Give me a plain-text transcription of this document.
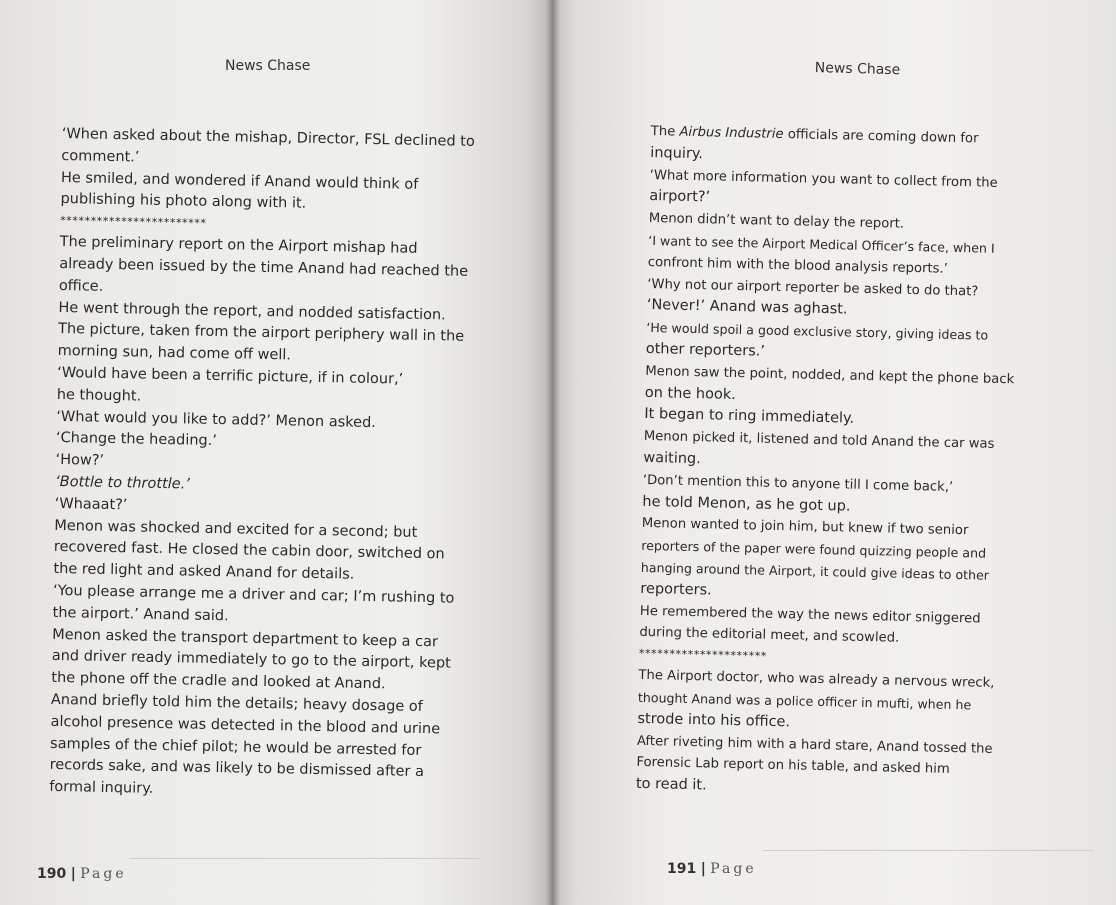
News Chase
‘When asked about the mishap, Director, FSL declined to
comment.’
He smiled, and wondered if Anand would think of
publishing his photo along with it.
************************
The preliminary report on the Airport mishap had
already been issued by the time Anand had reached the
office.
He went through the report, and nodded satisfaction.
The picture, taken from the airport periphery wall in the
morning sun, had come off well.
‘Would have been a terrific picture, if in colour,’
he thought.
‘What would you like to add?’ Menon asked.
‘Change the heading.’
‘How?’
‘Bottle to throttle.’
‘Whaaat?’
Menon was shocked and excited for a second; but
recovered fast. He closed the cabin door, switched on
the red light and asked Anand for details.
‘You please arrange me a driver and car; I’m rushing to
the airport.’ Anand said.
Menon asked the transport department to keep a car
and driver ready immediately to go to the airport, kept
the phone off the cradle and looked at Anand.
Anand briefly told him the details; heavy dosage of
alcohol presence was detected in the blood and urine
samples of the chief pilot; he would be arrested for
records sake, and was likely to be dismissed after a
formal inquiry.
190 | Page
News Chase
The Airbus Industrie officials are coming down for
inquiry.
‘What more information you want to collect from the
airport?’
Menon didn’t want to delay the report.
‘I want to see the Airport Medical Officer’s face, when I
confront him with the blood analysis reports.’
‘Why not our airport reporter be asked to do that?
‘Never!’ Anand was aghast.
‘He would spoil a good exclusive story, giving ideas to
other reporters.’
Menon saw the point, nodded, and kept the phone back
on the hook.
It began to ring immediately.
Menon picked it, listened and told Anand the car was
waiting.
‘Don’t mention this to anyone till I come back,’
he told Menon, as he got up.
Menon wanted to join him, but knew if two senior
reporters of the paper were found quizzing people and
hanging around the Airport, it could give ideas to other
reporters.
He remembered the way the news editor sniggered
during the editorial meet, and scowled.
*********************
The Airport doctor, who was already a nervous wreck,
thought Anand was a police officer in mufti, when he
strode into his office.
After riveting him with a hard stare, Anand tossed the
Forensic Lab report on his table, and asked him
to read it.
191 | Page
